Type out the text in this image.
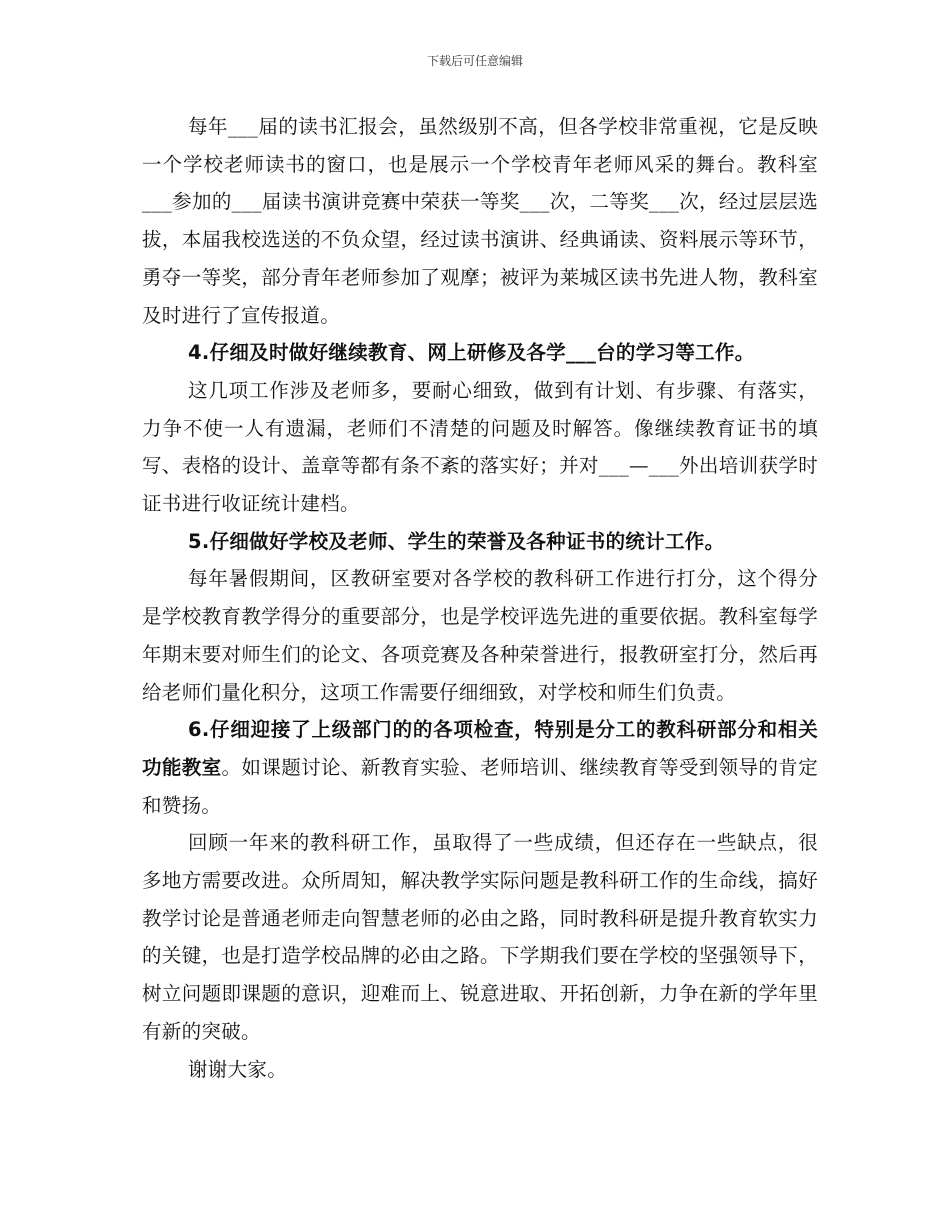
下载后可任意编辑

每年___届的读书汇报会，虽然级别不高，但各学校非常重视，它是反映一个学校老师读书的窗口，也是展示一个学校青年老师风采的舞台。教科室___参加的___届读书演讲竞赛中荣获一等奖___次，二等奖___次，经过层层选拔，本届我校选送的不负众望，经过读书演讲、经典诵读、资料展示等环节，勇夺一等奖，部分青年老师参加了观摩；被评为莱城区读书先进人物，教科室及时进行了宣传报道。

4.仔细及时做好继续教育、网上研修及各学___台的学习等工作。

这几项工作涉及老师多，要耐心细致，做到有计划、有步骤、有落实，力争不使一人有遗漏，老师们不清楚的问题及时解答。像继续教育证书的填写、表格的设计、盖章等都有条不紊的落实好；并对___—___外出培训获学时证书进行收证统计建档。

5.仔细做好学校及老师、学生的荣誉及各种证书的统计工作。

每年暑假期间，区教研室要对各学校的教科研工作进行打分，这个得分是学校教育教学得分的重要部分，也是学校评选先进的重要依据。教科室每学年期末要对师生们的论文、各项竞赛及各种荣誉进行，报教研室打分，然后再给老师们量化积分，这项工作需要仔细细致，对学校和师生们负责。

6.仔细迎接了上级部门的的各项检查，特别是分工的教科研部分和相关功能教室。如课题讨论、新教育实验、老师培训、继续教育等受到领导的肯定和赞扬。

回顾一年来的教科研工作，虽取得了一些成绩，但还存在一些缺点，很多地方需要改进。众所周知，解决教学实际问题是教科研工作的生命线，搞好教学讨论是普通老师走向智慧老师的必由之路，同时教科研是提升教育软实力的关键，也是打造学校品牌的必由之路。下学期我们要在学校的坚强领导下，树立问题即课题的意识，迎难而上、锐意进取、开拓创新，力争在新的学年里有新的突破。

谢谢大家。
